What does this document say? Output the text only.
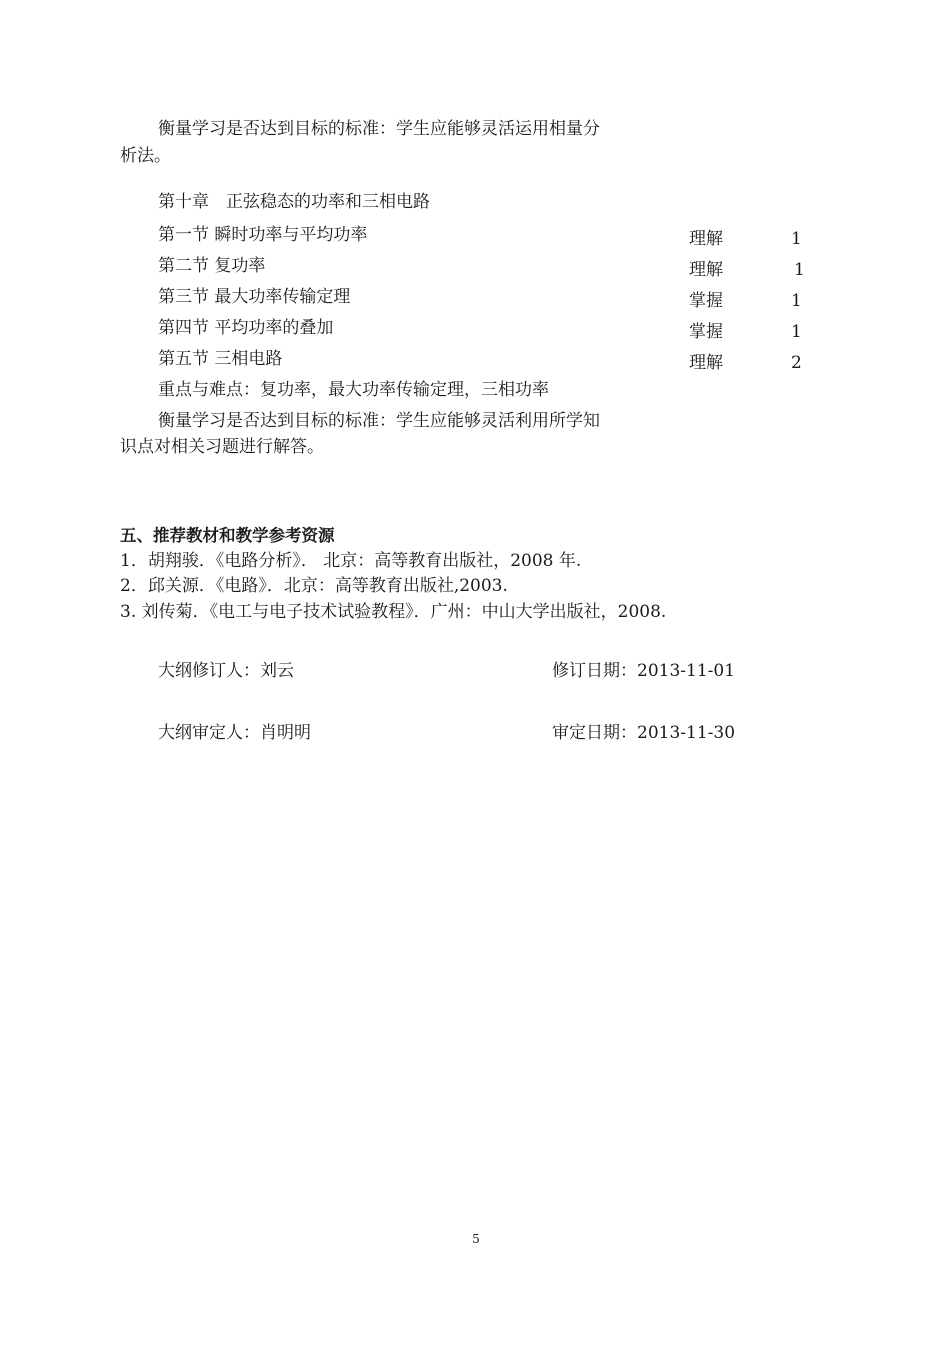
衡量学习是否达到目标的标准：学生应能够灵活运用相量分
析法。
第十章　正弦稳态的功率和三相电路
第一节 瞬时功率与平均功率	理解	1
第二节 复功率	理解	1
第三节 最大功率传输定理	掌握	1
第四节 平均功率的叠加	掌握	1
第五节 三相电路	理解	2
重点与难点：复功率，最大功率传输定理，三相功率
衡量学习是否达到目标的标准：学生应能够灵活利用所学知
识点对相关习题进行解答。
五、推荐教材和教学参考资源
1．胡翔骏．《电路分析》． 北京：高等教育出版社，2008 年.
2．邱关源．《电路》．北京：高等教育出版社,2003.
3. 刘传菊．《电工与电子技术试验教程》．广州：中山大学出版社，2008.
大纲修订人：刘云	修订日期：2013-11-01
大纲审定人：肖明明	审定日期：2013-11-30
5
